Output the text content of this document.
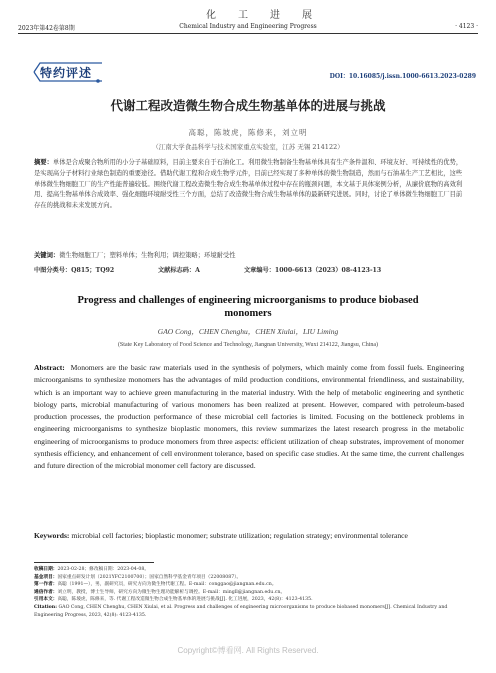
化工进展
2023年第42卷第8期	Chemical Industry and Engineering Progress	· 4123 ·
特约评述	DOI：10.16085/j.issn.1000-6613.2023-0289
代谢工程改造微生物合成生物基单体的进展与挑战
高聪，陈坡虎，陈修来，刘立明
（江南大学食品科学与技术国家重点实验室，江苏 无锡 214122）
摘要：单体是合成聚合物所用的小分子基础原料，目前主要来自于石油化工。利用微生物制备生物基单体具有生产条件温和、环境友好、可持续性的优势，是实现高分子材料行业绿色制造的重要途径。借助代谢工程和合成生物学元件，目前已经实现了多种单体的微生物制造，然而与石油基生产工艺相比，这些单体微生物细胞工厂的生产性能普遍较低。围绕代谢工程改造微生物合成生物基单体过程中存在的瓶颈问题，本文基于具体案例分析，从廉价底物的高效利用、提高生物基单体合成效率、强化细胞环境耐受性三个方面，总结了改造微生物合成生物基单体的最新研究进展。同时，讨论了单体微生物细胞工厂目前存在的挑战和未来发展方向。
关键词：微生物细胞工厂；塑料单体；生物利用；调控策略；环境耐受性
中图分类号：Q815；TQ92	文献标志码：A	文章编号：1000-6613（2023）08-4123-13
Progress and challenges of engineering microorganisms to produce biobased monomers
GAO Cong，CHEN Chenghu，CHEN Xiulai，LIU Liming
(State Key Laboratory of Food Science and Technology, Jiangnan University, Wuxi 214122, Jiangsu, China)
Abstract: Monomers are the basic raw materials used in the synthesis of polymers, which mainly come from fossil fuels. Engineering microorganisms to synthesize monomers has the advantages of mild production conditions, environmental friendliness, and sustainability, which is an important way to achieve green manufacturing in the material industry. With the help of metabolic engineering and synthetic biology parts, microbial manufacturing of various monomers has been realized at present. However, compared with petroleum-based production processes, the production performance of these microbial cell factories is limited. Focusing on the bottleneck problems in engineering microorganisms to synthesize bioplastic monomers, this review summarizes the latest research progress in the metabolic engineering of microorganisms to produce monomers from three aspects: efficient utilization of cheap substrates, improvement of monomer synthesis efficiency, and enhancement of cell environment tolerance, based on specific case studies. At the same time, the current challenges and future direction of the microbial monomer cell factory are discussed.
Keywords: microbial cell factories; bioplastic monomer; substrate utilization; regulation strategy; environmental tolerance
收稿日期：2023-02-28；修改稿日期：2023-04-08。
基金项目：国家重点研发计划（2021YFC2100700）；国家自然科学基金青年项目（22008087）。
第一作者：高聪（1991—），男，副研究员，研究方向为微生物代谢工程。E-mail：conggao@jiangnan.edu.cn。
通信作者：刘立明，教授，博士生导师，研究方向为微生物生理功能解析与调控。E-mail：mingll@jiangnan.edu.cn。
引用本文：高聪，陈坡虎，陈修来，等. 代谢工程改造微生物合成生物基单体的进展与挑战[J]. 化工进展，2023，42(8)：4123-4135.
Citation: GAO Cong, CHEN Chenghu, CHEN Xiulai, et al. Progress and challenges of engineering microorganisms to produce biobased monomers[J]. Chemical Industry and Engineering Progress, 2023, 42(8): 4123-4135.
Copyright©博看网. All Rights Reserved.
